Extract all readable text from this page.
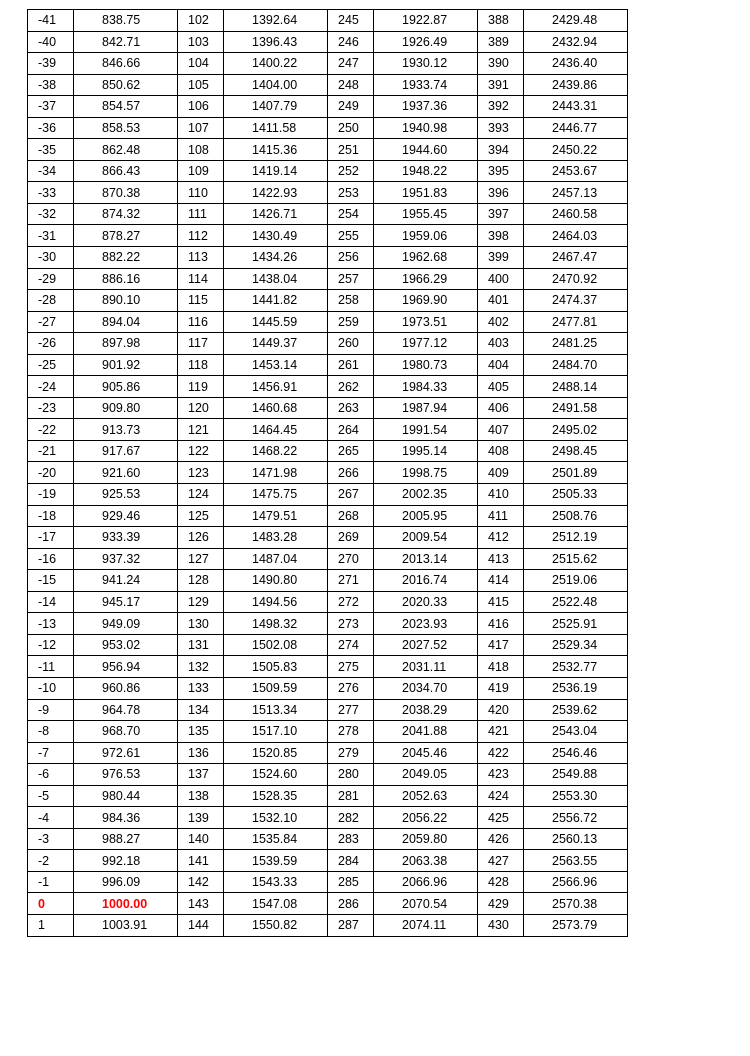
-41	838.75	102	1392.64	245	1922.87	388	2429.48
-40	842.71	103	1396.43	246	1926.49	389	2432.94
-39	846.66	104	1400.22	247	1930.12	390	2436.40
-38	850.62	105	1404.00	248	1933.74	391	2439.86
-37	854.57	106	1407.79	249	1937.36	392	2443.31
-36	858.53	107	1411.58	250	1940.98	393	2446.77
-35	862.48	108	1415.36	251	1944.60	394	2450.22
-34	866.43	109	1419.14	252	1948.22	395	2453.67
-33	870.38	110	1422.93	253	1951.83	396	2457.13
-32	874.32	111	1426.71	254	1955.45	397	2460.58
-31	878.27	112	1430.49	255	1959.06	398	2464.03
-30	882.22	113	1434.26	256	1962.68	399	2467.47
-29	886.16	114	1438.04	257	1966.29	400	2470.92
-28	890.10	115	1441.82	258	1969.90	401	2474.37
-27	894.04	116	1445.59	259	1973.51	402	2477.81
-26	897.98	117	1449.37	260	1977.12	403	2481.25
-25	901.92	118	1453.14	261	1980.73	404	2484.70
-24	905.86	119	1456.91	262	1984.33	405	2488.14
-23	909.80	120	1460.68	263	1987.94	406	2491.58
-22	913.73	121	1464.45	264	1991.54	407	2495.02
-21	917.67	122	1468.22	265	1995.14	408	2498.45
-20	921.60	123	1471.98	266	1998.75	409	2501.89
-19	925.53	124	1475.75	267	2002.35	410	2505.33
-18	929.46	125	1479.51	268	2005.95	411	2508.76
-17	933.39	126	1483.28	269	2009.54	412	2512.19
-16	937.32	127	1487.04	270	2013.14	413	2515.62
-15	941.24	128	1490.80	271	2016.74	414	2519.06
-14	945.17	129	1494.56	272	2020.33	415	2522.48
-13	949.09	130	1498.32	273	2023.93	416	2525.91
-12	953.02	131	1502.08	274	2027.52	417	2529.34
-11	956.94	132	1505.83	275	2031.11	418	2532.77
-10	960.86	133	1509.59	276	2034.70	419	2536.19
-9	964.78	134	1513.34	277	2038.29	420	2539.62
-8	968.70	135	1517.10	278	2041.88	421	2543.04
-7	972.61	136	1520.85	279	2045.46	422	2546.46
-6	976.53	137	1524.60	280	2049.05	423	2549.88
-5	980.44	138	1528.35	281	2052.63	424	2553.30
-4	984.36	139	1532.10	282	2056.22	425	2556.72
-3	988.27	140	1535.84	283	2059.80	426	2560.13
-2	992.18	141	1539.59	284	2063.38	427	2563.55
-1	996.09	142	1543.33	285	2066.96	428	2566.96
0	1000.00	143	1547.08	286	2070.54	429	2570.38
1	1003.91	144	1550.82	287	2074.11	430	2573.79
